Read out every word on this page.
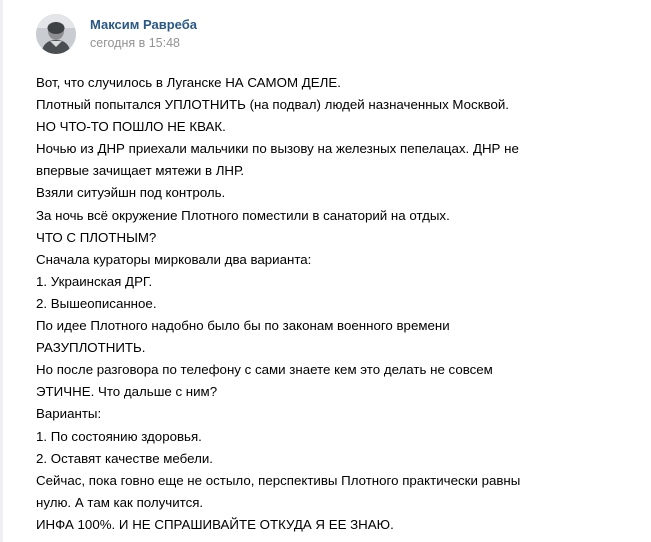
Максим Равреба
сегодня в 15:48
Вот, что случилось в Луганске НА САМОМ ДЕЛЕ.
Плотный попытался УПЛОТНИТЬ (на подвал) людей назначенных Москвой.
НО ЧТО-ТО ПОШЛО НЕ КВАК.
Ночью из ДНР приехали мальчики по вызову на железных пепелацах. ДНР не
впервые зачищает мятежи в ЛНР.
Взяли ситуэйшн под контроль.
За ночь всё окружение Плотного поместили в санаторий на отдых.
ЧТО С ПЛОТНЫМ?
Сначала кураторы мирковали два варианта:
1. Украинская ДРГ.
2. Вышеописанное.
По идее Плотного надобно было бы по законам военного времени
РАЗУПЛОТНИТЬ.
Но после разговора по телефону с сами знаете кем это делать не совсем
ЭТИЧНЕ. Что дальше с ним?
Варианты:
1. По состоянию здоровья.
2. Оставят качестве мебели.
Сейчас, пока говно еще не остыло, перспективы Плотного практически равны
нулю. А там как получится.
ИНФА 100%. И НЕ СПРАШИВАЙТЕ ОТКУДА Я ЕЕ ЗНАЮ.
